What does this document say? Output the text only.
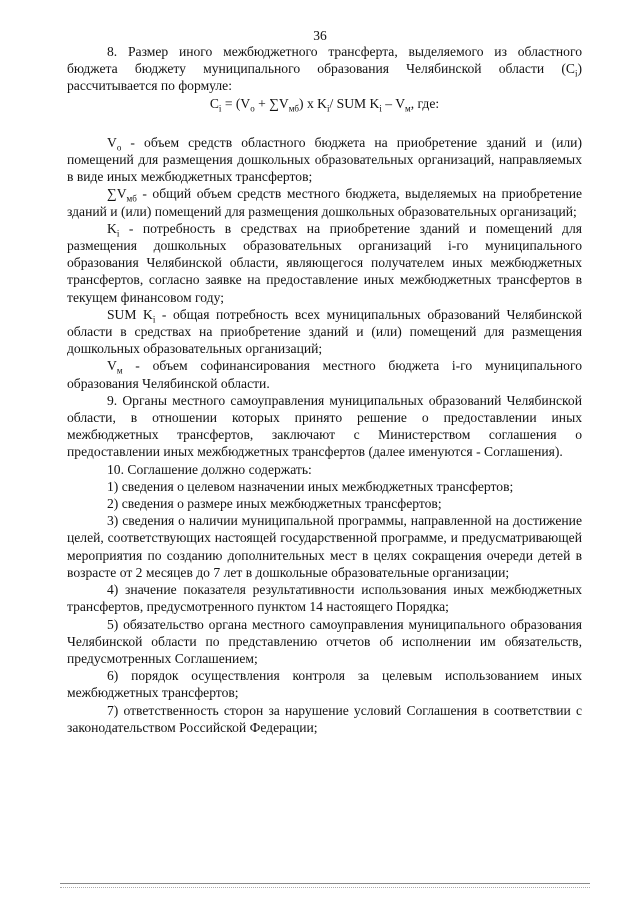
36

8. Размер иного межбюджетного трансферта, выделяемого из областного бюджета бюджету муниципального образования Челябинской области $(C_i)$ рассчитывается по формуле:

$C_i = (V_o + \sum V_{мб})$ х $K_i/$ SUM $K_i - V_м$, где:

$V_о$ - объем средств областного бюджета на приобретение зданий и (или) помещений для размещения дошкольных образовательных организаций, направляемых в виде иных межбюджетных трансфертов;

$\sum V_{мб}$ - общий объем средств местного бюджета, выделяемых на приобретение зданий и (или) помещений для размещения дошкольных образовательных организаций;

$K_i$ - потребность в средствах на приобретение зданий и помещений для размещения дошкольных образовательных организаций i-го муниципального образования Челябинской области, являющегося получателем иных межбюджетных трансфертов, согласно заявке на предоставление иных межбюджетных трансфертов в текущем финансовом году;

SUM $K_i$ - общая потребность всех муниципальных образований Челябинской области в средствах на приобретение зданий и (или) помещений для размещения дошкольных образовательных организаций;

$V_м$ - объем софинансирования местного бюджета i-го муниципального образования Челябинской области.

9. Органы местного самоуправления муниципальных образований Челябинской области, в отношении которых принято решение о предоставлении иных межбюджетных трансфертов, заключают с Министерством соглашения о предоставлении иных межбюджетных трансфертов (далее именуются - Соглашения).

10. Соглашение должно содержать:

1) сведения о целевом назначении иных межбюджетных трансфертов;

2) сведения о размере иных межбюджетных трансфертов;

3) сведения о наличии муниципальной программы, направленной на достижение целей, соответствующих настоящей государственной программе, и предусматривающей мероприятия по созданию дополнительных мест в целях сокращения очереди детей в возрасте от 2 месяцев до 7 лет в дошкольные образовательные организации;

4) значение показателя результативности использования иных межбюджетных трансфертов, предусмотренного пунктом 14 настоящего Порядка;

5) обязательство органа местного самоуправления муниципального образования Челябинской области по представлению отчетов об исполнении им обязательств, предусмотренных Соглашением;

6) порядок осуществления контроля за целевым использованием иных межбюджетных трансфертов;

7) ответственность сторон за нарушение условий Соглашения в соответствии с законодательством Российской Федерации;
